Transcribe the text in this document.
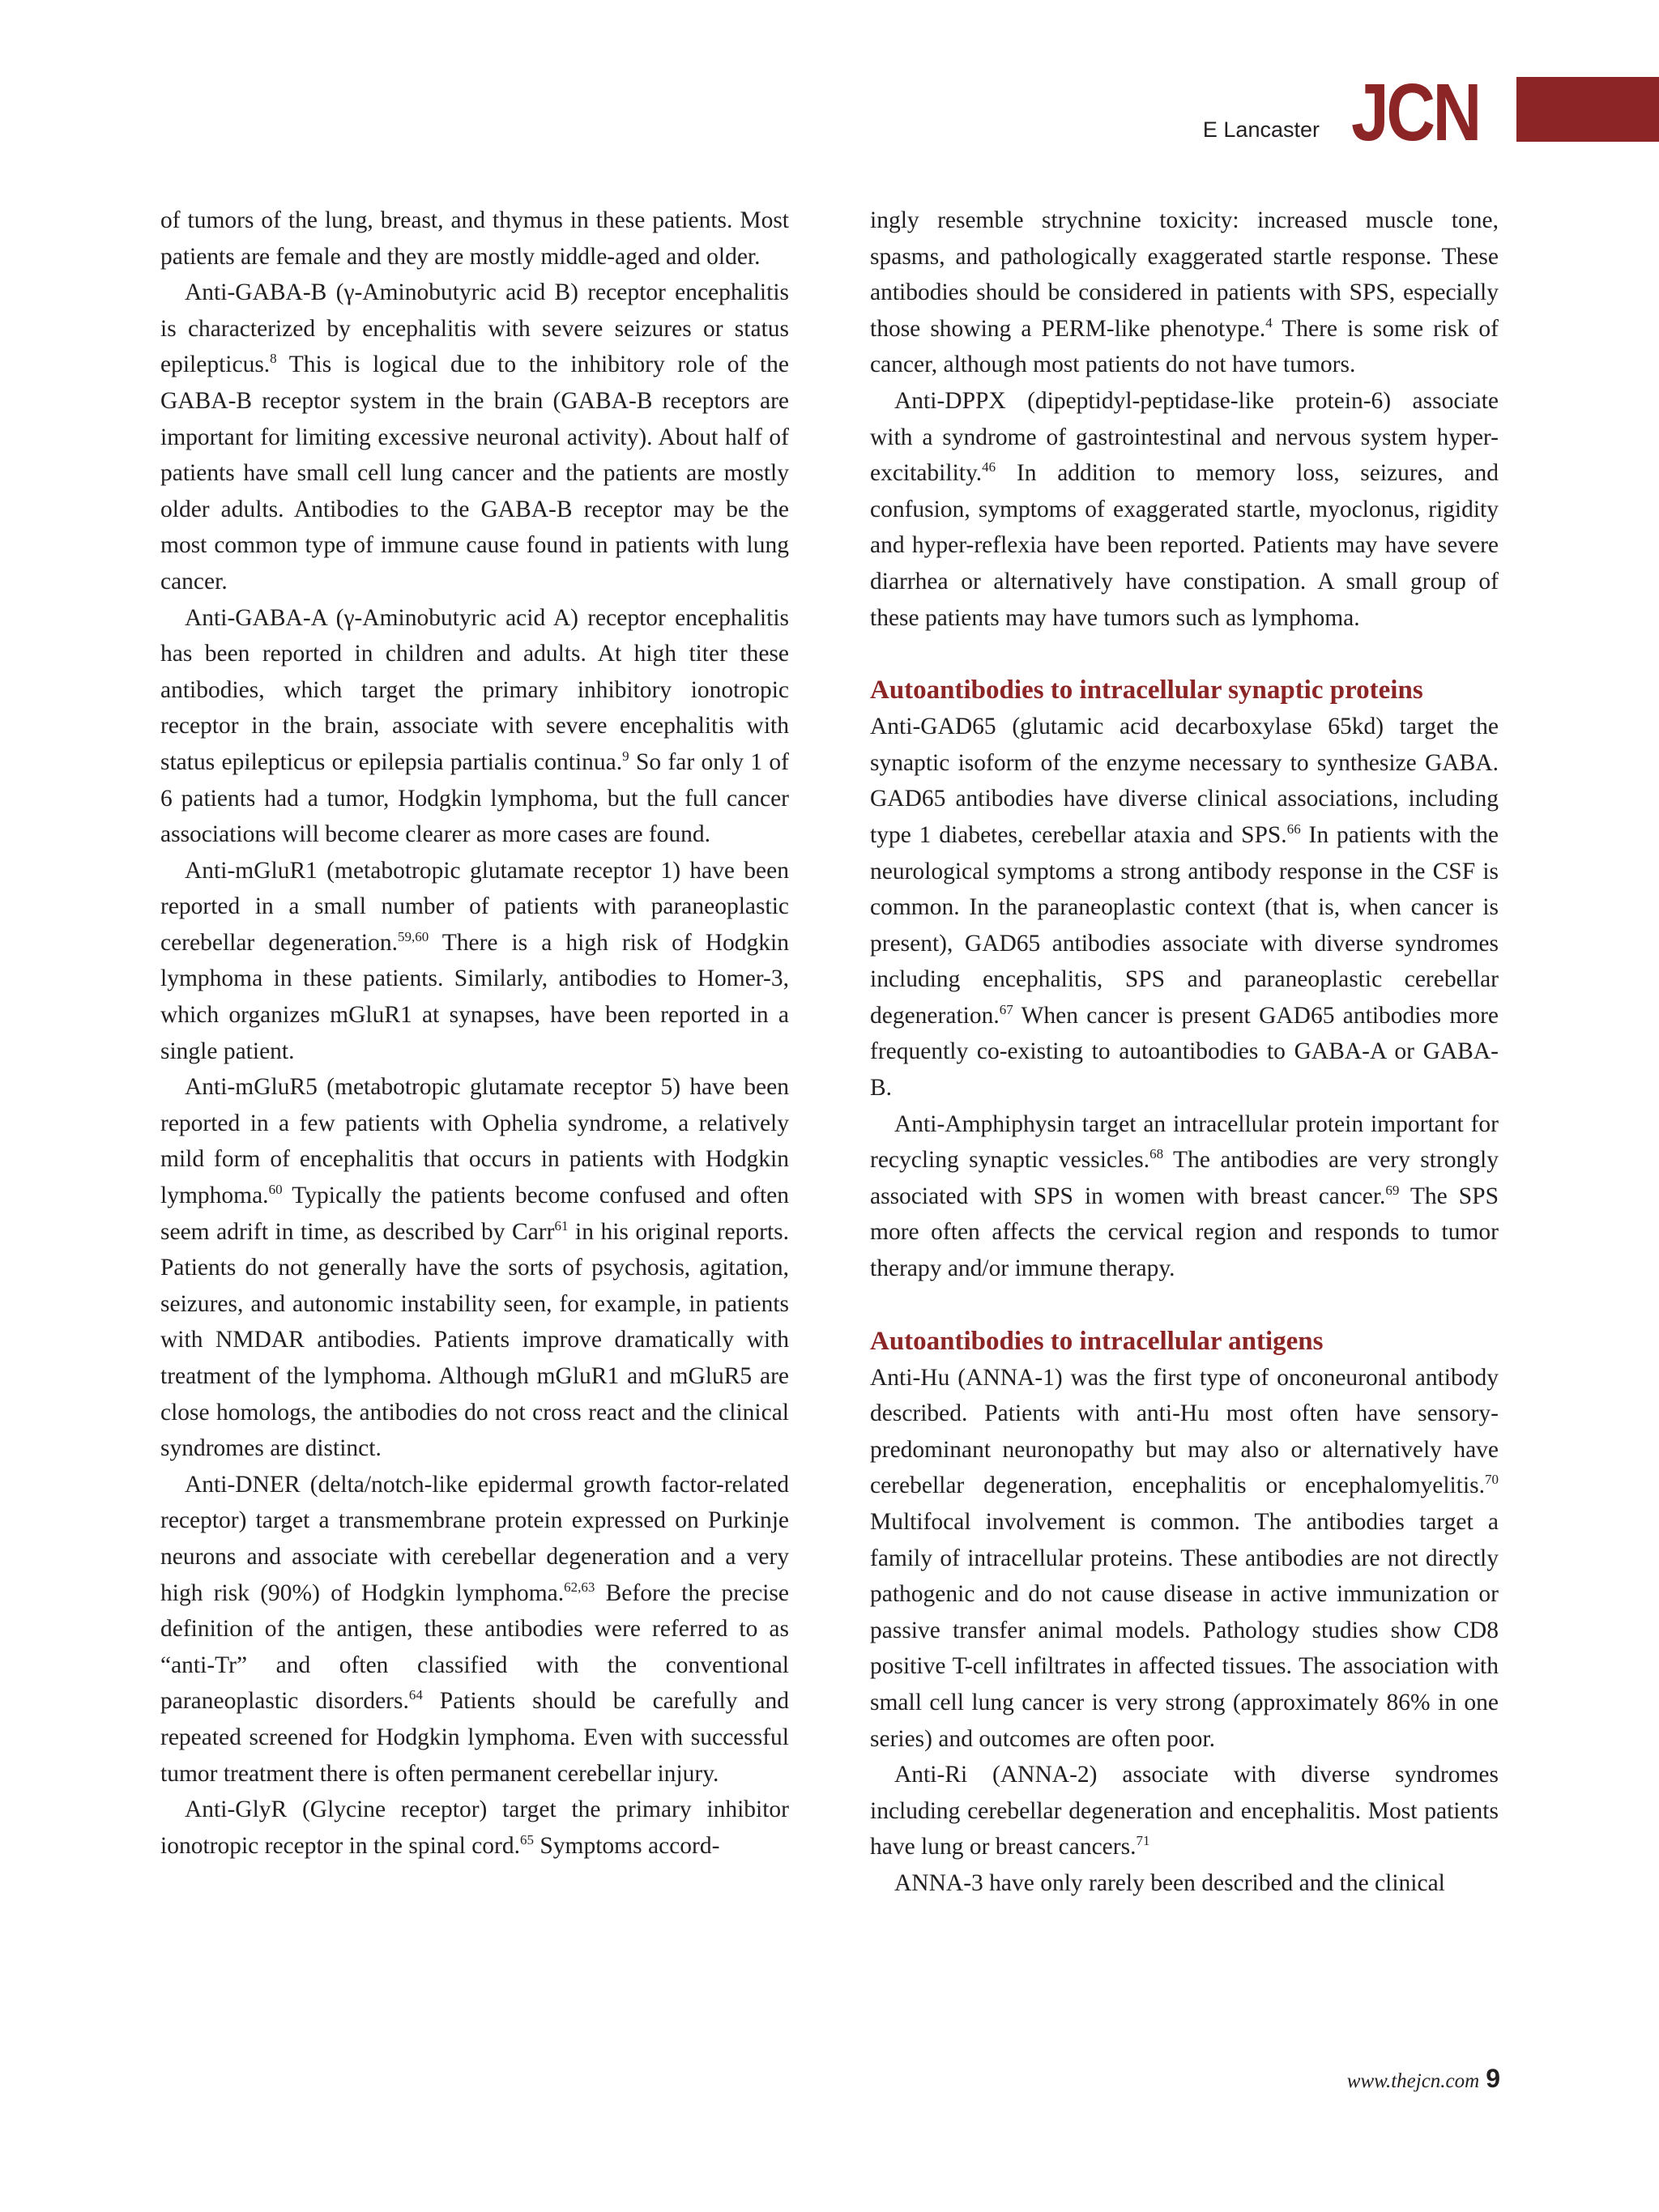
E Lancaster JCN

of tumors of the lung, breast, and thymus in these patients. Most patients are female and they are mostly middle-aged and older.

Anti-GABA-B (γ-Aminobutyric acid B) receptor encephalitis is characterized by encephalitis with severe seizures or status epilepticus.$^8$ This is logical due to the inhibitory role of the GABA-B receptor system in the brain (GABA-B receptors are important for limiting excessive neuronal activity). About half of patients have small cell lung cancer and the patients are mostly older adults. Antibodies to the GABA-B receptor may be the most common type of immune cause found in patients with lung cancer.

Anti-GABA-A (γ-Aminobutyric acid A) receptor encephalitis has been reported in children and adults. At high titer these antibodies, which target the primary inhibitory ionotropic receptor in the brain, associate with severe encephalitis with status epilepticus or epilepsia partialis continua.$^9$ So far only 1 of 6 patients had a tumor, Hodgkin lymphoma, but the full cancer associations will become clearer as more cases are found.

Anti-mGluR1 (metabotropic glutamate receptor 1) have been reported in a small number of patients with paraneoplastic cerebellar degeneration.$^{59,60}$ There is a high risk of Hodgkin lymphoma in these patients. Similarly, antibodies to Homer-3, which organizes mGluR1 at synapses, have been reported in a single patient.

Anti-mGluR5 (metabotropic glutamate receptor 5) have been reported in a few patients with Ophelia syndrome, a relatively mild form of encephalitis that occurs in patients with Hodgkin lymphoma.$^{60}$ Typically the patients become confused and often seem adrift in time, as described by Carr$^{61}$ in his original reports. Patients do not generally have the sorts of psychosis, agitation, seizures, and autonomic instability seen, for example, in patients with NMDAR antibodies. Patients improve dramatically with treatment of the lymphoma. Although mGluR1 and mGluR5 are close homologs, the antibodies do not cross react and the clinical syndromes are distinct.

Anti-DNER (delta/notch-like epidermal growth factor-related receptor) target a transmembrane protein expressed on Purkinje neurons and associate with cerebellar degeneration and a very high risk (90%) of Hodgkin lymphoma.$^{62,63}$ Before the precise definition of the antigen, these antibodies were referred to as “anti-Tr” and often classified with the conventional paraneoplastic disorders.$^{64}$ Patients should be carefully and repeated screened for Hodgkin lymphoma. Even with successful tumor treatment there is often permanent cerebellar injury.

Anti-GlyR (Glycine receptor) target the primary inhibitor ionotropic receptor in the spinal cord.$^{65}$ Symptoms accord-

ingly resemble strychnine toxicity: increased muscle tone, spasms, and pathologically exaggerated startle response. These antibodies should be considered in patients with SPS, especially those showing a PERM-like phenotype.$^4$ There is some risk of cancer, although most patients do not have tumors.

Anti-DPPX (dipeptidyl-peptidase-like protein-6) associate with a syndrome of gastrointestinal and nervous system hyper-excitability.$^{46}$ In addition to memory loss, seizures, and confusion, symptoms of exaggerated startle, myoclonus, rigidity and hyper-reflexia have been reported. Patients may have severe diarrhea or alternatively have constipation. A small group of these patients may have tumors such as lymphoma.

Autoantibodies to intracellular synaptic proteins

Anti-GAD65 (glutamic acid decarboxylase 65kd) target the synaptic isoform of the enzyme necessary to synthesize GABA. GAD65 antibodies have diverse clinical associations, including type 1 diabetes, cerebellar ataxia and SPS.$^{66}$ In patients with the neurological symptoms a strong antibody response in the CSF is common. In the paraneoplastic context (that is, when cancer is present), GAD65 antibodies associate with diverse syndromes including encephalitis, SPS and paraneoplastic cerebellar degeneration.$^{67}$ When cancer is present GAD65 antibodies more frequently co-existing to autoantibodies to GABA-A or GABA-B.

Anti-Amphiphysin target an intracellular protein important for recycling synaptic vessicles.$^{68}$ The antibodies are very strongly associated with SPS in women with breast cancer.$^{69}$ The SPS more often affects the cervical region and responds to tumor therapy and/or immune therapy.

Autoantibodies to intracellular antigens

Anti-Hu (ANNA-1) was the first type of onconeuronal antibody described. Patients with anti-Hu most often have sensory-predominant neuronopathy but may also or alternatively have cerebellar degeneration, encephalitis or encephalomyelitis.$^{70}$ Multifocal involvement is common. The antibodies target a family of intracellular proteins. These antibodies are not directly pathogenic and do not cause disease in active immunization or passive transfer animal models. Pathology studies show CD8 positive T-cell infiltrates in affected tissues. The association with small cell lung cancer is very strong (approximately 86% in one series) and outcomes are often poor.

Anti-Ri (ANNA-2) associate with diverse syndromes including cerebellar degeneration and encephalitis. Most patients have lung or breast cancers.$^{71}$

ANNA-3 have only rarely been described and the clinical

www.thejcn.com 9
